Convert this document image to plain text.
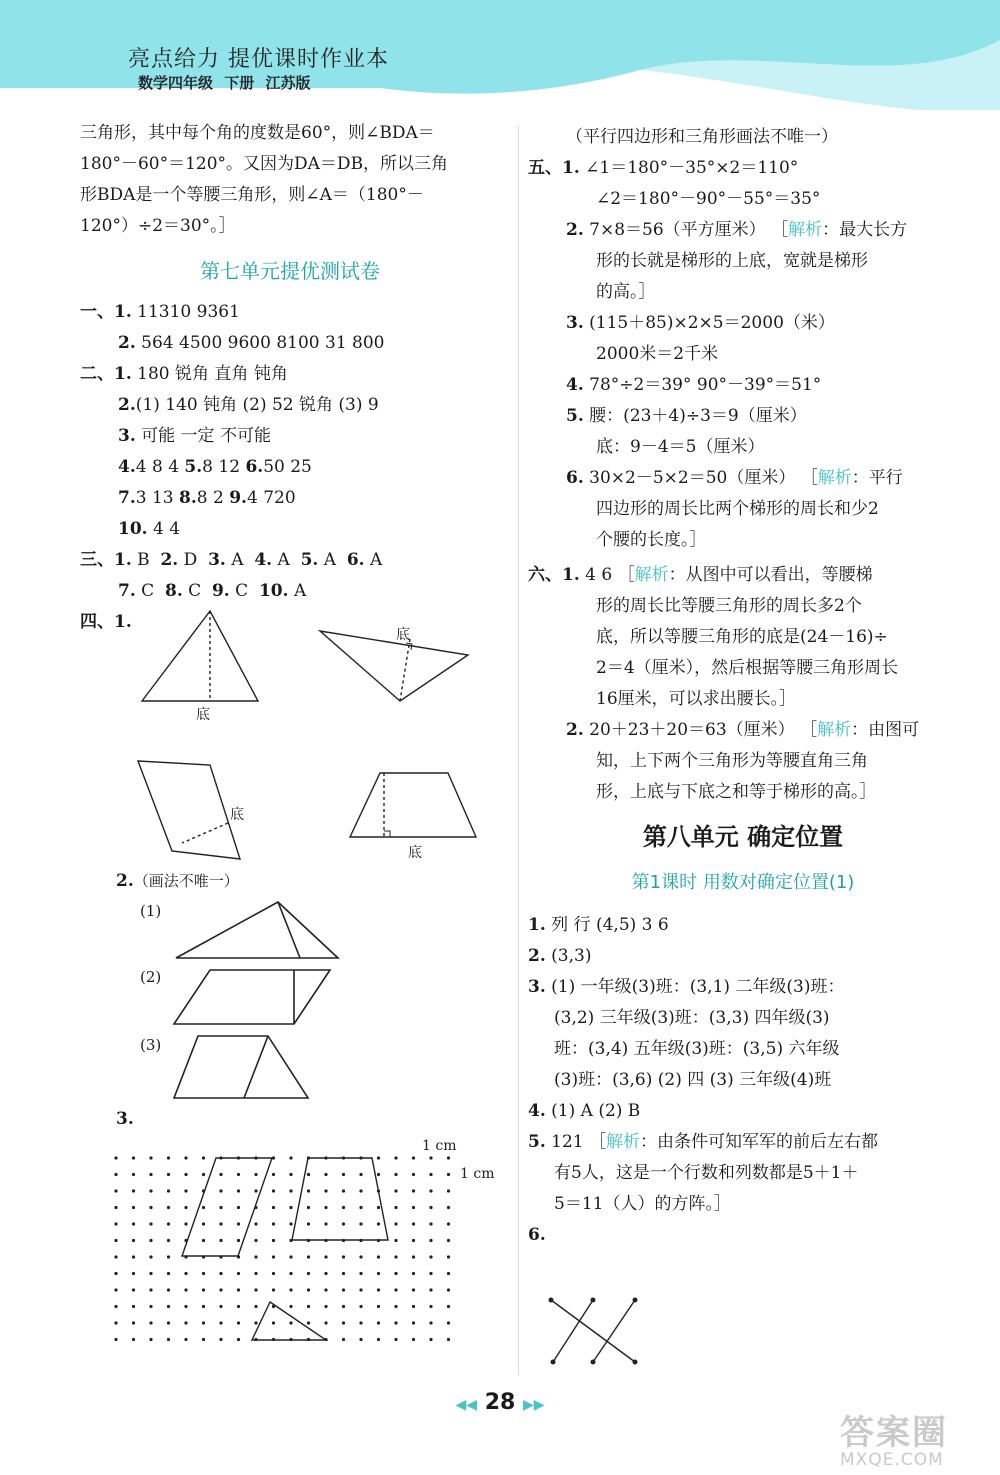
亮点给力 提优课时作业本
数学四年级 下册 江苏版
三角形，其中每个角的度数是60°，则∠BDA＝
180°－60°＝120°。又因为DA＝DB，所以三角
形BDA是一个等腰三角形，则∠A＝（180°－
120°）÷2＝30°。］
第七单元提优测试卷
一、1. 11310 9361
2. 564 4500 9600 8100 31 800
二、1. 180 锐角 直角 钝角
2.(1) 140 钝角 (2) 52 锐角 (3) 9
3. 可能 一定 不可能
4.4 8 4 5.8 12 6.50 25
7.3 13 8.8 2 9.4 720
10. 4 4
三、1. B 2. D 3. A 4. A 5. A 6. A
7. C 8. C 9. C 10. A
四、1.
底
底
底
底
2.（画法不唯一）
(1)
(2)
(3)
3.
1 cm
1 cm
（平行四边形和三角形画法不唯一）
五、1. ∠1＝180°－35°×2＝110°
∠2＝180°－90°－55°＝35°
2. 7×8＝56（平方厘米） ［解析：最大长方
形的长就是梯形的上底，宽就是梯形
的高。］
3. (115＋85)×2×5＝2000（米）
2000米＝2千米
4. 78°÷2＝39° 90°－39°＝51°
5. 腰：(23＋4)÷3＝9（厘米）
底：9－4＝5（厘米）
6. 30×2－5×2＝50（厘米） ［解析：平行
四边形的周长比两个梯形的周长和少2
个腰的长度。］
六、1. 4 6 ［解析：从图中可以看出，等腰梯
形的周长比等腰三角形的周长多2个
底，所以等腰三角形的底是(24－16)÷
2＝4（厘米），然后根据等腰三角形周长
16厘米，可以求出腰长。］
2. 20＋23＋20＝63（厘米） ［解析：由图可
知，上下两个三角形为等腰直角三角
形，上底与下底之和等于梯形的高。］
第八单元 确定位置
第1课时 用数对确定位置(1)
1. 列 行 (4,5) 3 6
2. (3,3)
3. (1) 一年级(3)班：(3,1) 二年级(3)班：
(3,2) 三年级(3)班：(3,3) 四年级(3)
班：(3,4) 五年级(3)班：(3,5) 六年级
(3)班：(3,6) (2) 四 (3) 三年级(4)班
4. (1) A (2) B
5. 121 ［解析：由条件可知军军的前后左右都
有5人，这是一个行数和列数都是5＋1＋
5＝11（人）的方阵。］
6.
◀◀ 28 ▶▶
答案圈
MXQE.COM
